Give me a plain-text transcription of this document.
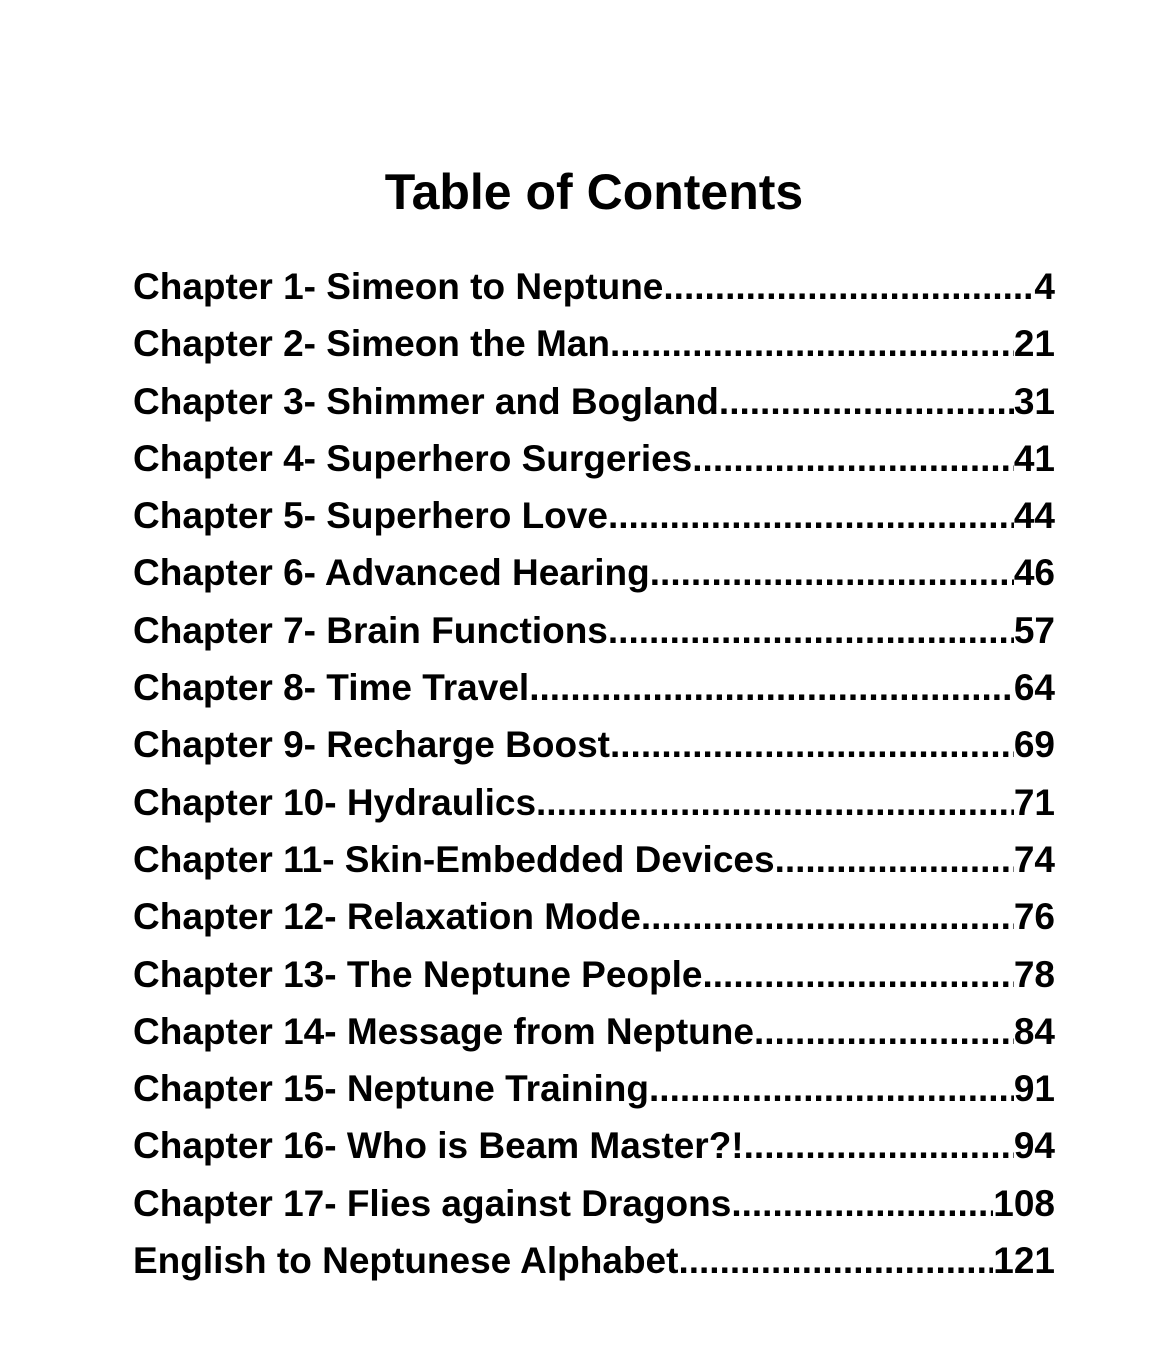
Table of Contents
Chapter 1- Simeon to Neptune .....	4
Chapter 2- Simeon the Man .....	21
Chapter 3- Shimmer and Bogland .....	31
Chapter 4- Superhero Surgeries .....	41
Chapter 5- Superhero Love .....	44
Chapter 6- Advanced Hearing .....	46
Chapter 7- Brain Functions .....	57
Chapter 8- Time Travel .....	64
Chapter 9- Recharge Boost .....	69
Chapter 10- Hydraulics .....	71
Chapter 11- Skin-Embedded Devices .....	74
Chapter 12- Relaxation Mode .....	76
Chapter 13- The Neptune People .....	78
Chapter 14- Message from Neptune .....	84
Chapter 15- Neptune Training .....	91
Chapter 16- Who is Beam Master?! .....	94
Chapter 17- Flies against Dragons .....	108
English to Neptunese Alphabet .....	121
